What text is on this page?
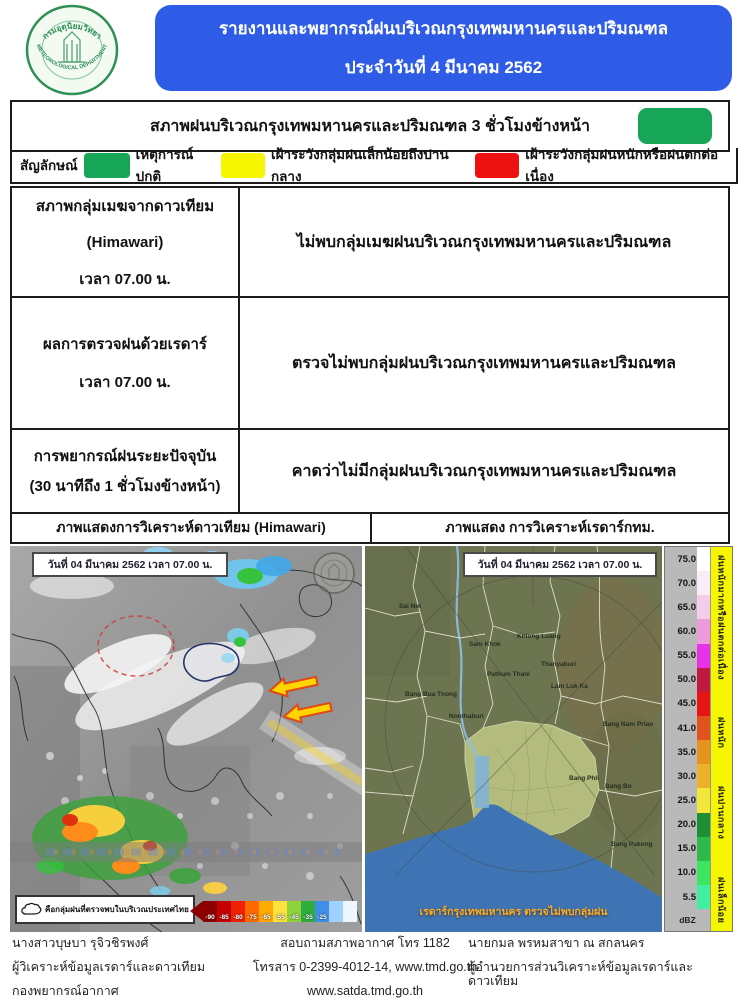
กรมอุตุนิยมวิทยา
METEOROLOGICAL DEPARTMENT
รายงานและพยากรณ์ฝนบริเวณกรุงเทพมหานครและปริมณฑล
ประจำวันที่ 4 มีนาคม 2562
สภาพฝนบริเวณกรุงเทพมหานครและปริมณฑล 3 ชั่วโมงข้างหน้า
สัญลักษณ์
เหตุการณ์ปกติ
เฝ้าระวังกลุ่มฝนเล็กน้อยถึงปานกลาง
เฝ้าระวังกลุ่มฝนหนักหรือฝนตกต่อเนื่อง
สภาพกลุ่มเมฆจากดาวเทียม
(Himawari)
เวลา 07.00 น.
ไม่พบกลุ่มเมฆฝนบริเวณกรุงเทพมหานครและปริมณฑล
ผลการตรวจฝนด้วยเรดาร์
เวลา 07.00 น.
ตรวจไม่พบกลุ่มฝนบริเวณกรุงเทพมหานครและปริมณฑล
การพยากรณ์ฝนระยะปัจจุบัน
(30 นาทีถึง 1 ชั่วโมงข้างหน้า)
คาดว่าไม่มีกลุ่มฝนบริเวณกรุงเทพมหานครและปริมณฑล
ภาพแสดงการวิเคราะห์ดาวเทียม (Himawari)	ภาพแสดง การวิเคราะห์เรดาร์กทม.
วันที่ 04 มีนาคม 2562 เวลา 07.00 น.
คือกลุ่มฝนที่ตรวจพบในบริเวณประเทศไทย
-90 -85 -80 -75 -65 -55 -45 -35 -25
Sai Noi
Bang Bua Thong
Sam Khok
Pathum Thani
Khlong Luang
Thanyaburi
Lam Luk Ka
Nonthaburi
Bang Phli
Bang Bo
Bang Nam Priao
Bang Pakong
วันที่ 04 มีนาคม 2562 เวลา 07.00 น.
เรดาร์กรุงเทพมหานคร ตรวจไม่พบกลุ่มฝน
75.0
70.0
65.0
60.0
55.0
50.0
45.0
41.0
35.0
30.0
25.0
20.0
15.0
10.0
5.5
dBZ
ฝนหนักมากหรือฝนตกต่อเนื่อง
ฝนหนัก
ฝนปานกลาง
ฝนเล็กน้อย

นางสาวบุษบา รุจิวชิรพงศ์

ผู้วิเคราะห์ข้อมูลเรดาร์และดาวเทียม

กองพยากรณ์อากาศ

สอบถามสภาพอากาศ โทร 1182

โทรสาร 0-2399-4012-14, www.tmd.go.th

www.satda.tmd.go.th

นายกมล พรหมสาขา ณ สกลนคร

ผู้อำนวยการส่วนวิเคราะห์ข้อมูลเรดาร์และดาวเทียม
